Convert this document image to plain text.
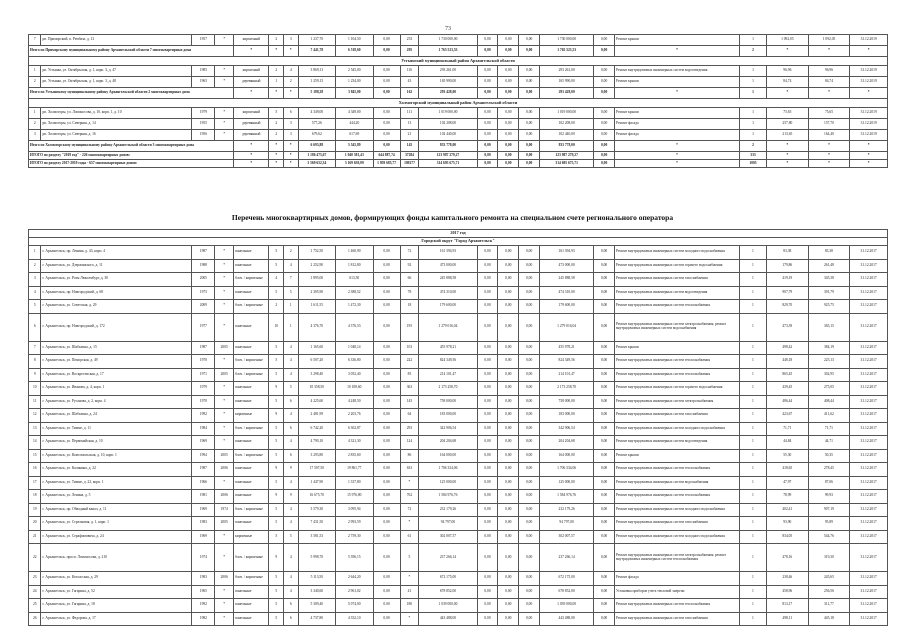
73
7	рп. Приморский, п. Рембаза, д. 13	1957	*	кирпичный	2	3	1 237,70	1 104,50	0,00	253	1 730 000,00	0,00	0,00	0,00	1 730 000,00	0,00	Ремонт крыши	1	1 092,05	1 092,05	31.12.2019
Итого по Приморскому муниципальному району Архангельской области 7 многоквартирных дома				*	*	*	7 441,78	6 518,60	0,00	295	1 765 523,53	0,00	0,00	0,00	1 765 523,53	0,00	*	2	*	*	*
Устьянский муниципальный район Архангельской области																					
1	рп. Устьяны, ул. Октябрьская, д. 1, корп. 3, д. 47	1985	*	кирпичный	2	4	3 869,13	2 545,00	0,00	116	293 261,00	0,00	0,00	0,00	293 261,00	0,00	Ремонт внутридомовых инженерных систем водоотведения	1	96,96	96,96	31.12.2019
2	рп. Устьяны, ул. Октябрьская, д. 1, корп. 3, д. 48	1965	*	деревянный	1	2	1 259,15	1 234,00	0,00	43	165 990,00	0,00	0,00	0,00	165 990,00	0,00	Ремонт крыши	1	84,74	84,74	31.12.2019
Итого по Устьянскому муниципальному району Архангельской области 2 многоквартирных дома				*	*	*	5 188,28	3 845,00	0,00	162	293 428,00	0,00	0,00	0,00	293 428,00	0,00	*	1	*	*	*
Холмогорский муниципальный район Архангельской области																					
1	рп. Холмогоры, ул. Ломоносова, д. 10, корп. 1, д. 10	1979	*	кирпичный	5	6	4 349,00	4 349,00	0,00	111	1 019 000,00	0,00	0,00	0,00	1 019 000,00	0,00	Ремонт крыши	1	75,65	75,65	31.12.2019
2	рп. Холмогоры, ул. Северная, д. 14	1955	*	деревянный	2	3	577,26	444,20	0,00	13	102 208,00	0,00	0,00	0,00	102 208,00	0,00	Ремонт фасада	1	257,80	157,70	31.12.2019
3	рп. Холмогоры, ул. Северная, д. 16	1956	*	деревянный	2	3	679,62	617,69	0,00	21	102 440,00	0,00	0,00	0,00	102 440,00	0,00	Ремонт фасада	1	213,65	164,40	31.12.2019
Итого по Холмогорскому муниципальному району Архангельской области 3 многоквартирных дома				*	*	*	6 695,88	5 545,89	0,00	145	833 778,00	0,00	0,00	0,00	833 778,00	0,00	*	2	*	*	*
ИТОГО по разделу "2019 год" - 226 многоквартирных домов:				*	*	*	1 186 475,67	1 040 581,43	644 887,74	37284	123 987 279,27	0,00	0,00	0,00	123 987 279,27	0,00	*	333	*	*	*
ИТОГО по разделу 2017-2019 годы - 657 многоквартирных домов:				*	*	*	3 569 652,34	3 169 630,09	1 959 685,77	109277	314 695 675,71	0,00	0,00	0,00	314 695 675,71	0,00	*	1005	*	*	*
Перечень многоквартирных домов, формирующих фонды капитального ремонта на специальном счете регионального оператора
2017 год																					
Городской округ "Город Архангельск"																					
1	г. Архангельск, пр. Ленина, д. 43, корп. 4	1987	*	панельные	5	2	1 752,50	1 460,90	0,00	72	161 394,93	0,00	0,00	0,00	161 394,93	0,00	Ремонт внутридомовых инженерных систем холодного водоснабжения	1	83,38	83,38	31.12.2017
2	г. Архангельск, ул. Дзержинского, д. 11	1988	*	панельные	5	4	2 252,90	1 812,80	0,00	92	473 000,00	0,00	0,00	0,00	473 000,00	0,00	Ремонт внутридомовых инженерных систем горячего водоснабжения	1	179,86	261,48	31.12.2017
3	г. Архангельск, ул. Розы Люксембург, д. 30	2005	*	блоч. / кирпичные	4	7	1 895,00	613,50	0,00	66	245 888,58	0,00	0,00	0,00	245 888,58	0,00	Ремонт внутридомовых инженерных систем газоснабжения	1	419,19	345,38	31.12.2017
4	г. Архангельск, пр. Новгородский, д. 68	1973	*	панельные	5	5	2 305,90	2 388,52	0,00	78	474 310,00	0,00	0,00	0,00	474 310,00	0,00	Ремонт внутридомовых инженерных систем водоотведения	1	907,79	391,79	31.12.2017
5	г. Архангельск, ул. Советская, д. 29	2009	*	блоч. / кирпичные	2	1	1 611,55	1 472,30	0,00	18	179 600,00	0,00	0,00	0,00	179 600,00	0,00	Ремонт внутридомовых инженерных систем теплоснабжения	1	829,70	925,75	31.12.2017
6	г. Архангельск, пр. Новгородский, д. 172	1977	*	панельные	10	1	4 376,70	4 376,53	0,00	195	1 279 016,04	0,00	0,00	0,00	1 279 016,04	0,00	Ремонт внутридомовых инженерных систем электроснабжения; ремонт внутридомовых инженерных систем водоснабжения	1	473,39	365,15	31.12.2017
7	г. Архангельск, ул. Шабалина, д. 15	1987	2005	панельные	5	4	1 165,60	1 048,14	0,00	103	455 978,21	0,00	0,00	0,00	455 978,21	0,00	Ремонт крыши	1	498,42	384,19	31.12.2017
8	г. Архангельск, ул. Поморская, д. 49	1970	*	блоч. / кирпичные	5	4	6 507,20	6 336,80	0,00	222	824 349,56	0,00	0,00	0,00	824 349,56	0,00	Ремонт внутридомовых инженерных систем теплоснабжения	1	448,18	225,13	31.12.2017
9	г. Архангельск, ул. Воскресенская, д. 17	1971	2005	блоч. / кирпичные	5	4	3 298,40	3 052,40	0,00	83	214 101,47	0,00	0,00	0,00	214 101,47	0,00	Ремонт внутридомовых инженерных систем теплоснабжения	1	865,45	302,95	31.12.2017
10	г. Архангельск, ул. Иванова, д. 4, корп. 1	1979	*	панельные	9	5	10 358,50	10 108,60	0,00	363	2 173 258,70	0,00	0,00	0,00	2 173 258,70	0,00	Ремонт внутридомовых инженерных систем горячего водоснабжения	1	439,45	275,05	31.12.2017
11	г. Архангельск, ул. Русанова, д. 2, корп. 4	1970	*	панельные	5	6	4 225,60	4 248,50	0,00	145	758 000,00	0,00	0,00	0,00	758 000,00	0,00	Ремонт внутридомовых инженерных систем электроснабжения	1	486,44	408,44	31.12.2017
12	г. Архангельск, ул. Шабалина, д. 24	1992	*	кирпичные	9	4	2 481,99	2 203,76	0,00	64	183 000,00	0,00	0,00	0,00	183 000,00	0,00	Ремонт внутридомовых инженерных систем газоснабжения	1	423,67	411,62	31.12.2017
13	г. Архангельск, ул. Тимме, д. 11	1984	*	блоч. / кирпичные	5	6	6 742,20	6 302,87	0,00	293	342 906,54	0,00	0,00	0,00	342 906,54	0,00	Ремонт внутридомовых инженерных систем холодного водоснабжения	1	71,71	71,71	31.12.2017
14	г. Архангельск, ул. Первомайская, д. 10	1969	*	панельные	5	4	4 790,10	4 321,30	0,00	124	204 204,68	0,00	0,00	0,00	204 204,68	0,00	Ремонт внутридомовых инженерных систем водоотведения	1	44,84	44,71	31.12.2017
15	г. Архангельск, ул. Комсомольская, д. 10, корп. 1	1994	2005	блоч. / кирпичные	5	6	3 293,80	2 835,60	0,00	86	164 000,00	0,00	0,00	0,00	164 000,00	0,00	Ремонт крыши	1	55,30	50,35	31.12.2017
16	г. Архангельск, ул. Калинина, д. 22	1987	2006	панельные	9	9	17 507,50	19 861,77	0,00	633	1 706 334,06	0,00	0,00	0,00	1 706 334,06	0,00	Ремонт внутридомовых инженерных систем теплоснабжения	1	418,65	278,45	31.12.2017
17	г. Архангельск, ул. Тимме, д. 22, корп. 1	1966	*	панельные	5	4	1 447,90	1 337,80	0,00	*	125 000,00	0,00	0,00	0,00	125 000,00	0,00	Ремонт внутридомовых инженерных систем водоснабжения	1	47,97	87,06	31.12.2017
18	г. Архангельск, ул. Ленина, д. 5	1981	2006	панельные	9	9	16 675,70	15 976,80	0,00	762	1 584 976,76	0,00	0,00	0,00	1 584 976,76	0,00	Ремонт внутридомовых инженерных систем теплоснабжения	1	78,99	99,93	31.12.2017
19	г. Архангельск, пр. Обводный канал, д. 11	1969	1974	блоч. / кирпичные	5	4	3 579,30	3 095,94	0,00	72	232 179,26	0,00	0,00	0,00	232 179,26	0,00	Ремонт внутридомовых инженерных систем холодного водоснабжения	1	402,41	907,19	31.12.2017
20	г. Архангельск, ул. Стрелковая, д. 1, корп. 1	1983	2005	панельные	5	4	7 431,50	2 993,59	0,00	*	94 797,00	0,00	0,00	0,00	94 797,00	0,00	Ремонт внутридомовых инженерных систем газоснабжения	1	93,90	95,89	31.12.2017
21	г. Архангельск, ул. Серафимовича, д. 24	1969	*	кирпичные	5	5	3 581,53	2 759,30	0,00	61	302 007,57	0,00	0,00	0,00	302 007,57	0,00	Ремонт внутридомовых инженерных систем холодного водоснабжения	1	834,05	544,76	31.12.2017
22	г. Архангельск, просп. Ломоносова, д. 210	1974	*	блоч. / кирпичные	9	4	5 998,70	5 396,15	0,00	5	237 266,14	0,00	0,00	0,00	237 266,14	0,00	Ремонт внутридомовых инженерных систем электроснабжения; ремонт внутридомовых инженерных систем теплоснабжения	1	478,16	319,30	31.12.2017
23	г. Архангельск, ул. Котласская, д. 29	1983	2006	блоч. / кирпичные	5	4	5 113,50	2 644,20	0,00	*	672 175,00	0,00	0,00	0,00	672 175,00	0,00	Ремонт фасада	1	238,46	245,65	31.12.2017
24	г. Архангельск, ул. Гагарина, д. 52	1965	*	панельные	5	4	3 340,60	2 961,02	0,00	41	678 852,00	0,00	0,00	0,00	678 852,00	0,00	Установка приборов учета тепловой энергии	1	458,96	256,56	31.12.2017
25	г. Архангельск, ул. Гагарина, д. 18	1992	*	панельные	5	6	5 309,40	5 074,00	0,00	180	1 039 000,00	0,00	0,00	0,00	1 039 000,00	0,00	Ремонт внутридомовых инженерных систем теплоснабжения	1	813,17	311,77	31.12.2017
26	г. Архангельск, ул. Федорова, д. 17	1982	*	панельные	5	6	4 737,80	4 352,10	0,00	*	443 488,00	0,00	0,00	0,00	443 488,00	0,00	Ремонт внутридомовых инженерных систем газоснабжения	1	498,11	445,18	31.12.2017
